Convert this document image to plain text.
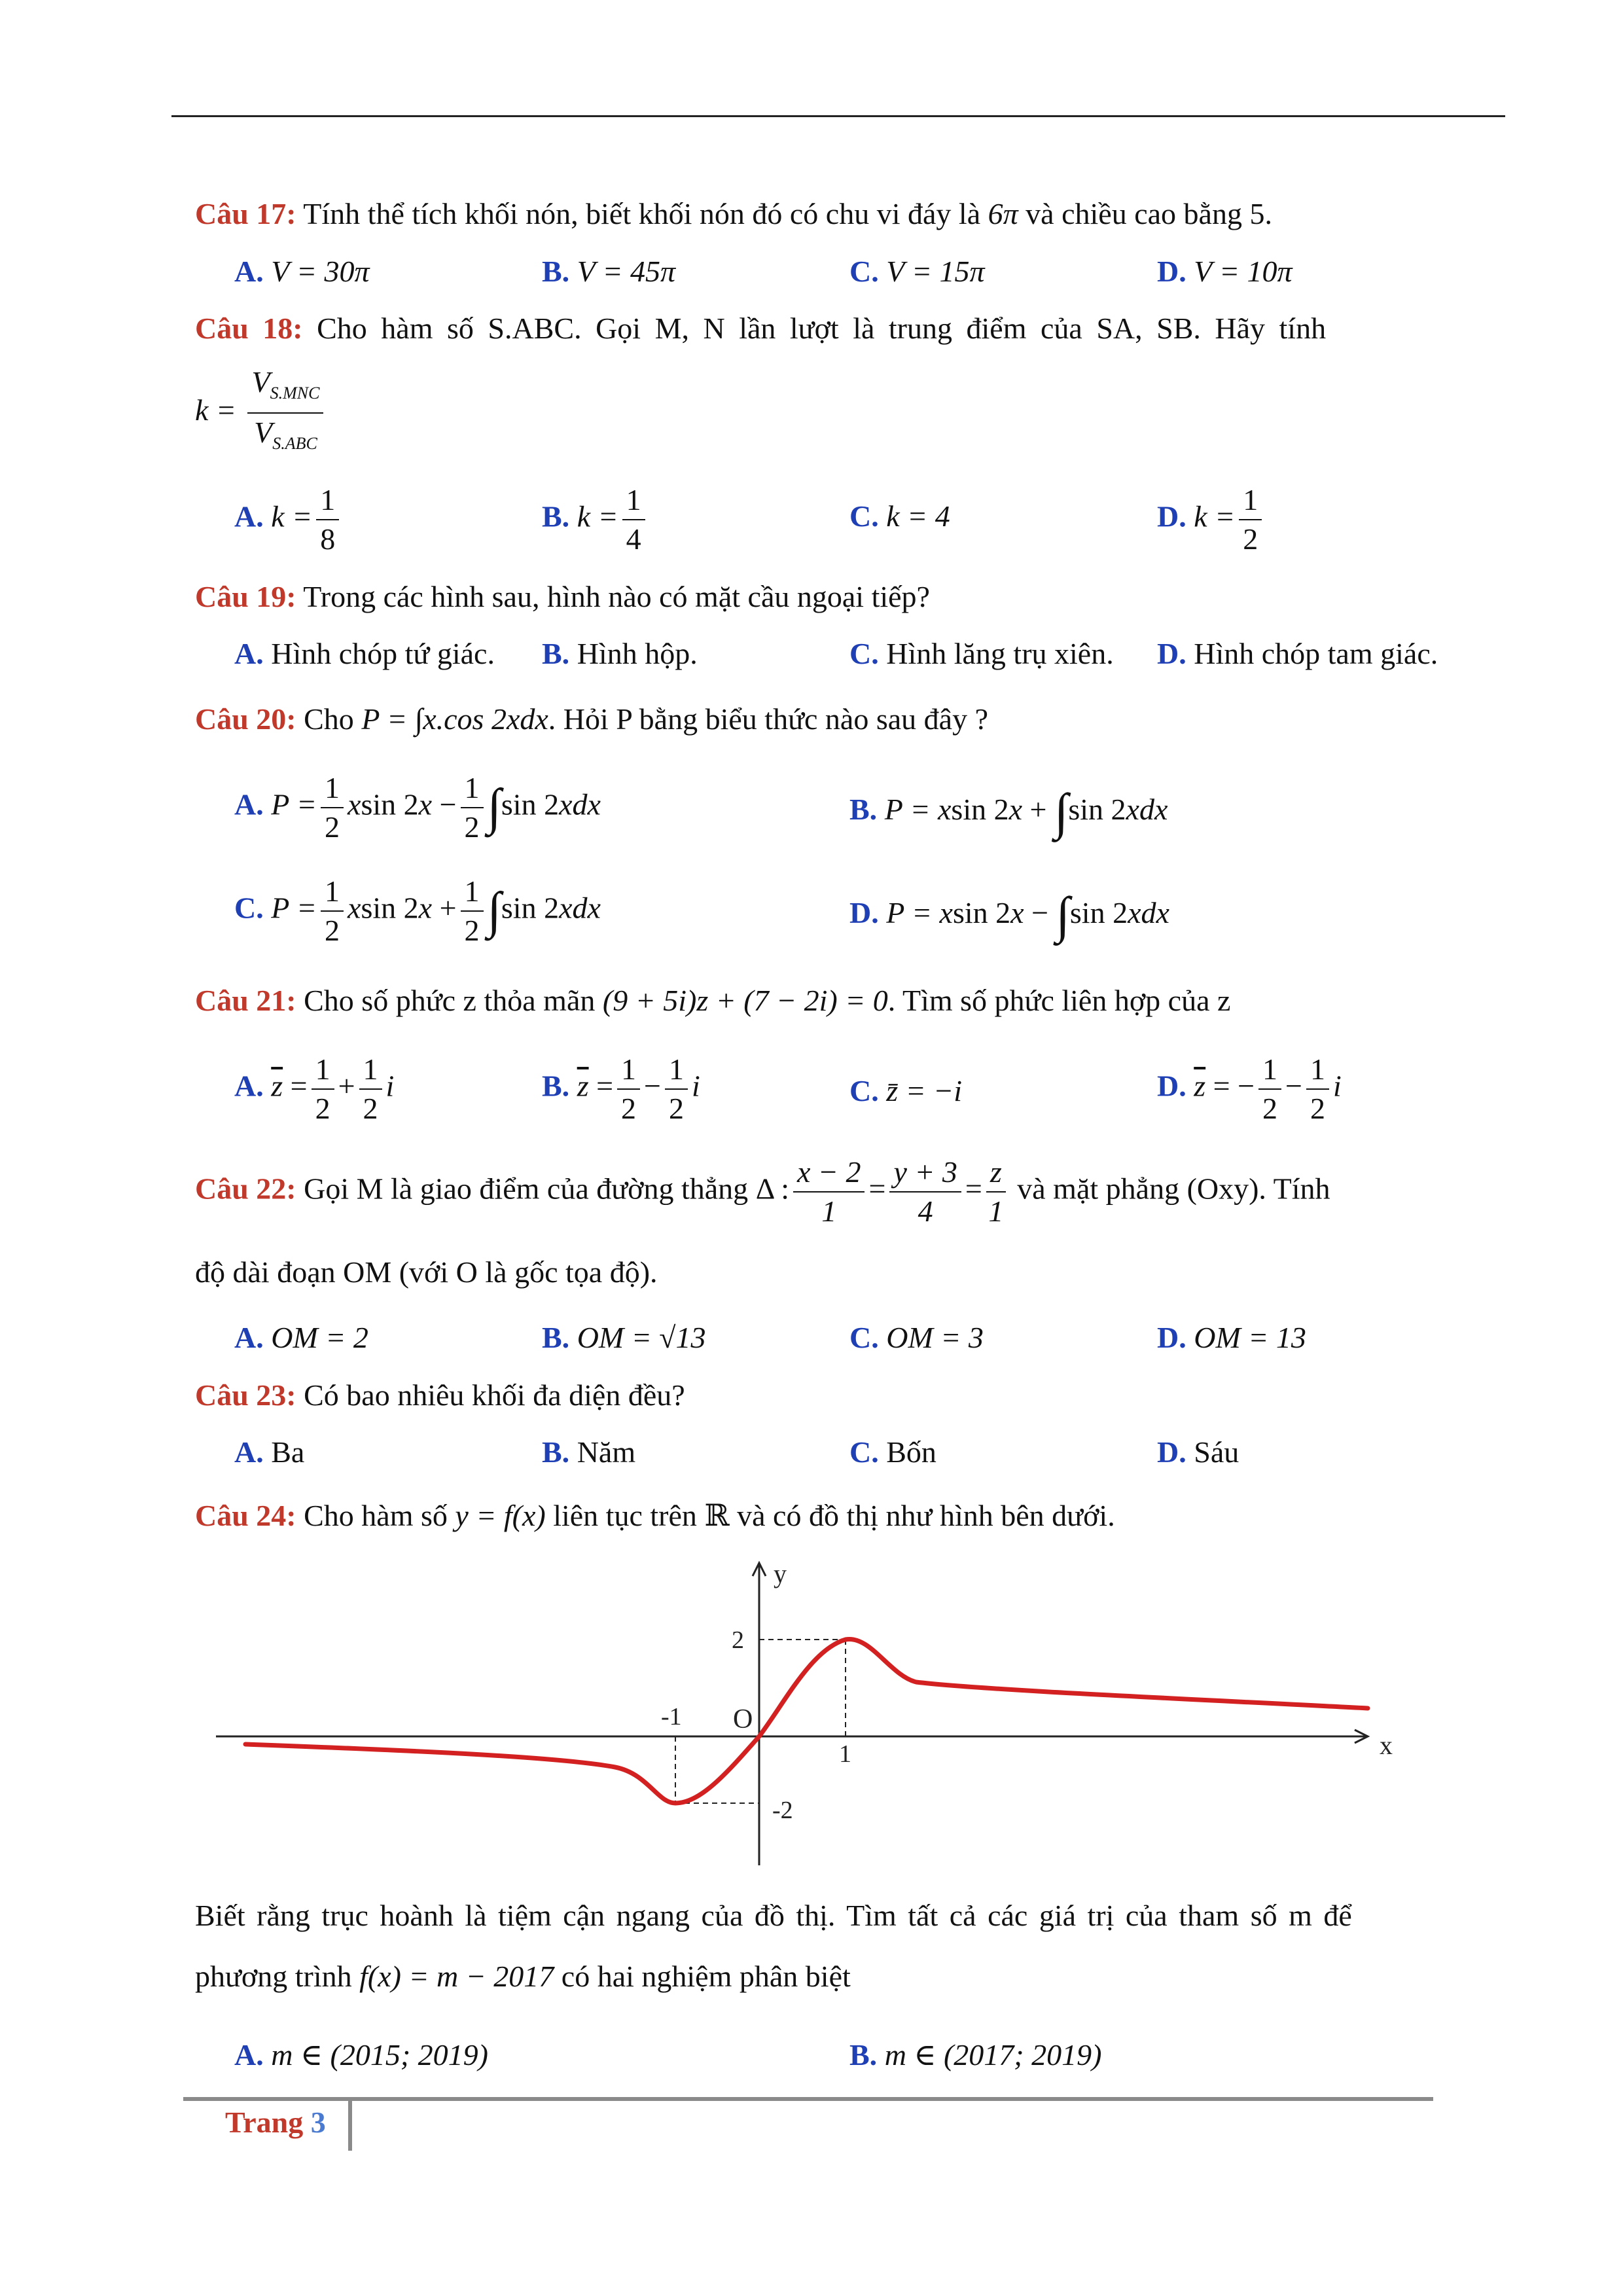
Câu 17: Tính thể tích khối nón, biết khối nón đó có chu vi đáy là 6π và chiều cao bằng 5.
A. V = 30π	B. V = 45π	C. V = 15π	D. V = 10π
Câu 18: Cho hàm số S.ABC. Gọi M, N lần lượt là trung điểm của SA, SB. Hãy tính
$k = \frac{V_{S.MNC}}{V_{S.ABC}}$
A. $k = \frac{1}{8}$	B. $k = \frac{1}{4}$	C. k = 4	D. $k = \frac{1}{2}$
Câu 19: Trong các hình sau, hình nào có mặt cầu ngoại tiếp?
A. Hình chóp tứ giác. B. Hình hộp.	C. Hình lăng trụ xiên. D. Hình chóp tam giác.
Câu 20: Cho P = ∫x.cos 2xdx. Hỏi P bằng biểu thức nào sau đây ?
A. $P = \frac{1}{2}$ xsin $2x - \frac{1}{2} \int\sin$ 2xdx	B. P = xsin 2x + ∫sin 2xdx
C. $P = \frac{1}{2}$ xsin $2x + \frac{1}{2} \int\sin$ 2xdx	D. P = xsin 2x − ∫sin 2xdx
Câu 21: Cho số phức z thỏa mãn (9 + 5i)z + (7 − 2i) = 0. Tìm số phức liên hợp của z
A. $\overline{z} = \frac{1}{2} + \frac{1}{2}$ i	B. $\overline{z} = \frac{1}{2} - \frac{1}{2}$ i	C. z̄ = −i	D. $\overline{z}$ = − $\frac{1}{2} - \frac{1}{2}$ i
Câu 22: Gọi M là giao điểm của đường thẳng Δ : $\frac{x - 2}{1} = \frac{y + 3}{4} = \frac{z}{1}$ và mặt phẳng (Oxy). Tính
độ dài đoạn OM (với O là gốc tọa độ).
A. OM = 2	B. OM = √13	C. OM = 3	D. OM = 13
Câu 23: Có bao nhiêu khối đa diện đều?
A. Ba	B. Năm	C. Bốn	D. Sáu
Câu 24: Cho hàm số y = f(x) liên tục trên ℝ và có đồ thị như hình bên dưới.
y
x
O
-1
1
2
-2
Biết rằng trục hoành là tiệm cận ngang của đồ thị. Tìm tất cả các giá trị của tham số m để
phương trình f(x) = m − 2017 có hai nghiệm phân biệt
A. m ∈ (2015; 2019)	B. m ∈ (2017; 2019)
Trang 3
